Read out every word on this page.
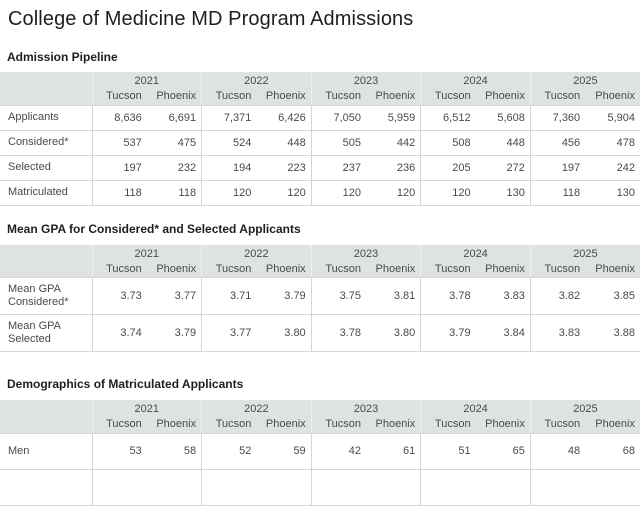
College of Medicine MD Program Admissions
Admission Pipeline
	2021		2022		2023		2024		2025	
	Tucson	Phoenix	Tucson	Phoenix	Tucson	Phoenix	Tucson	Phoenix	Tucson	Phoenix
Applicants	8,636	6,691	7,371	6,426	7,050	5,959	6,512	5,608	7,360	5,904
Considered*	537	475	524	448	505	442	508	448	456	478
Selected	197	232	194	223	237	236	205	272	197	242
Matriculated	118	118	120	120	120	120	120	130	118	130
Mean GPA for Considered* and Selected Applicants
	2021		2022		2023		2024		2025	
	Tucson	Phoenix	Tucson	Phoenix	Tucson	Phoenix	Tucson	Phoenix	Tucson	Phoenix
Mean GPA Considered*	3.73	3.77	3.71	3.79	3.75	3.81	3.78	3.83	3.82	3.85
Mean GPA Selected	3.74	3.79	3.77	3.80	3.78	3.80	3.79	3.84	3.83	3.88
Demographics of Matriculated Applicants
	2021		2022		2023		2024		2025	
	Tucson	Phoenix	Tucson	Phoenix	Tucson	Phoenix	Tucson	Phoenix	Tucson	Phoenix
Men	53	58	52	59	42	61	51	65	48	68
